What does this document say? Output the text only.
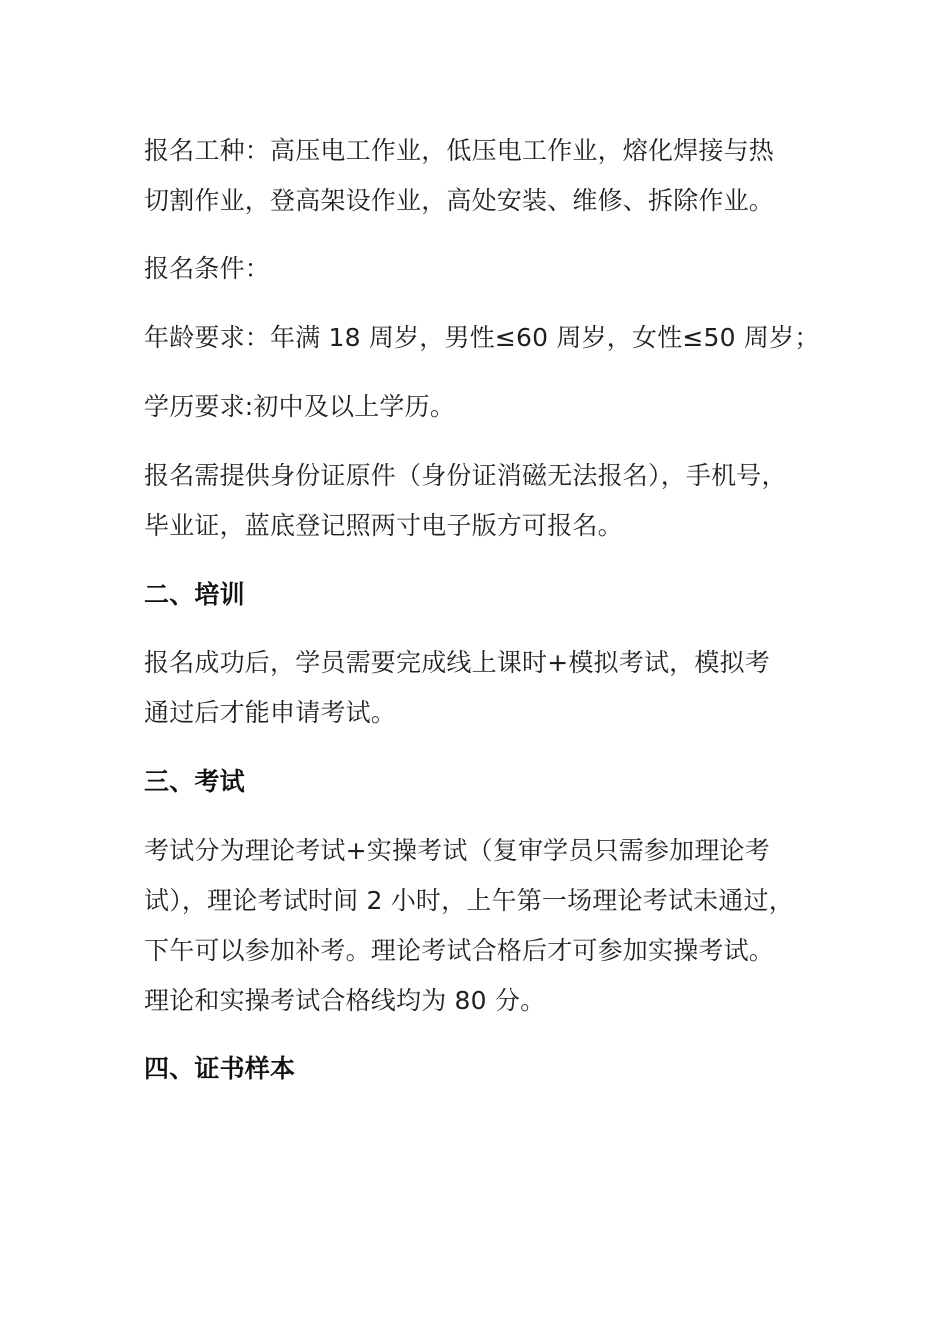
报名工种：高压电工作业，低压电工作业，熔化焊接与热

切割作业，登高架设作业，高处安装、维修、拆除作业。

报名条件：

年龄要求：年满 18 周岁，男性≤60 周岁，女性≤50 周岁；

学历要求:初中及以上学历。

报名需提供身份证原件（身份证消磁无法报名），手机号，

毕业证，蓝底登记照两寸电子版方可报名。

二、培训

报名成功后，学员需要完成线上课时+模拟考试，模拟考

通过后才能申请考试。

三、考试

考试分为理论考试+实操考试（复审学员只需参加理论考

试），理论考试时间 2 小时，上午第一场理论考试未通过，

下午可以参加补考。理论考试合格后才可参加实操考试。

理论和实操考试合格线均为 80 分。

四、证书样本
